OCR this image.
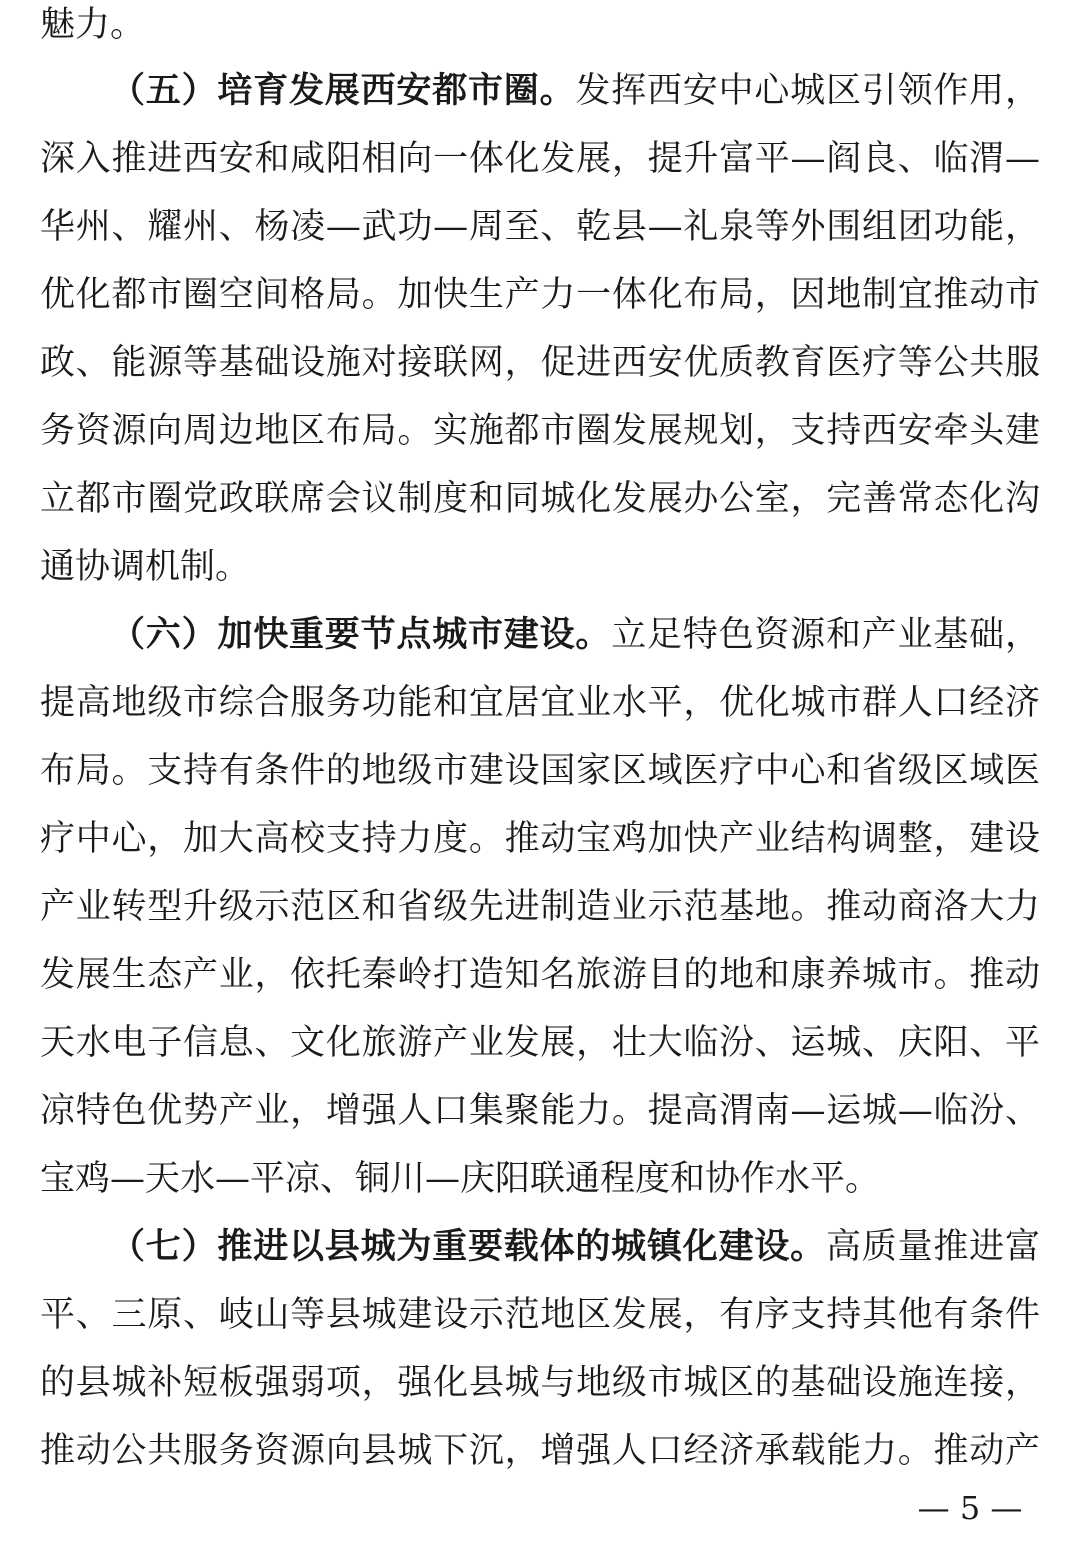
魅力。
（五）培育发展西安都市圈。发挥西安中心城区引领作用，
深入推进西安和咸阳相向一体化发展，提升富平—阎良、临渭—
华州、耀州、杨凌—武功—周至、乾县—礼泉等外围组团功能，
优化都市圈空间格局。加快生产力一体化布局，因地制宜推动市
政、能源等基础设施对接联网，促进西安优质教育医疗等公共服
务资源向周边地区布局。实施都市圈发展规划，支持西安牵头建
立都市圈党政联席会议制度和同城化发展办公室，完善常态化沟
通协调机制。
（六）加快重要节点城市建设。立足特色资源和产业基础，
提高地级市综合服务功能和宜居宜业水平，优化城市群人口经济
布局。支持有条件的地级市建设国家区域医疗中心和省级区域医
疗中心，加大高校支持力度。推动宝鸡加快产业结构调整，建设
产业转型升级示范区和省级先进制造业示范基地。推动商洛大力
发展生态产业，依托秦岭打造知名旅游目的地和康养城市。推动
天水电子信息、文化旅游产业发展，壮大临汾、运城、庆阳、平
凉特色优势产业，增强人口集聚能力。提高渭南—运城—临汾、
宝鸡—天水—平凉、铜川—庆阳联通程度和协作水平。
（七）推进以县城为重要载体的城镇化建设。高质量推进富
平、三原、岐山等县城建设示范地区发展，有序支持其他有条件
的县城补短板强弱项，强化县城与地级市城区的基础设施连接，
推动公共服务资源向县城下沉，增强人口经济承载能力。推动产
— 5 —
